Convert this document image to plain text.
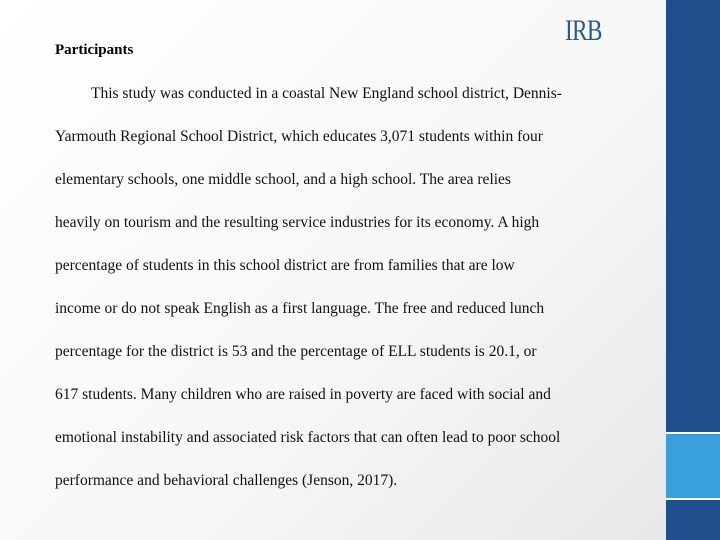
IRB
Participants
This study was conducted in a coastal New England school district, Dennis-
Yarmouth Regional School District, which educates 3,071 students within four
elementary schools, one middle school, and a high school. The area relies
heavily on tourism and the resulting service industries for its economy. A high
percentage of students in this school district are from families that are low
income or do not speak English as a first language. The free and reduced lunch
percentage for the district is 53 and the percentage of ELL students is 20.1, or
617 students. Many children who are raised in poverty are faced with social and
emotional instability and associated risk factors that can often lead to poor school
performance and behavioral challenges (Jenson, 2017).
